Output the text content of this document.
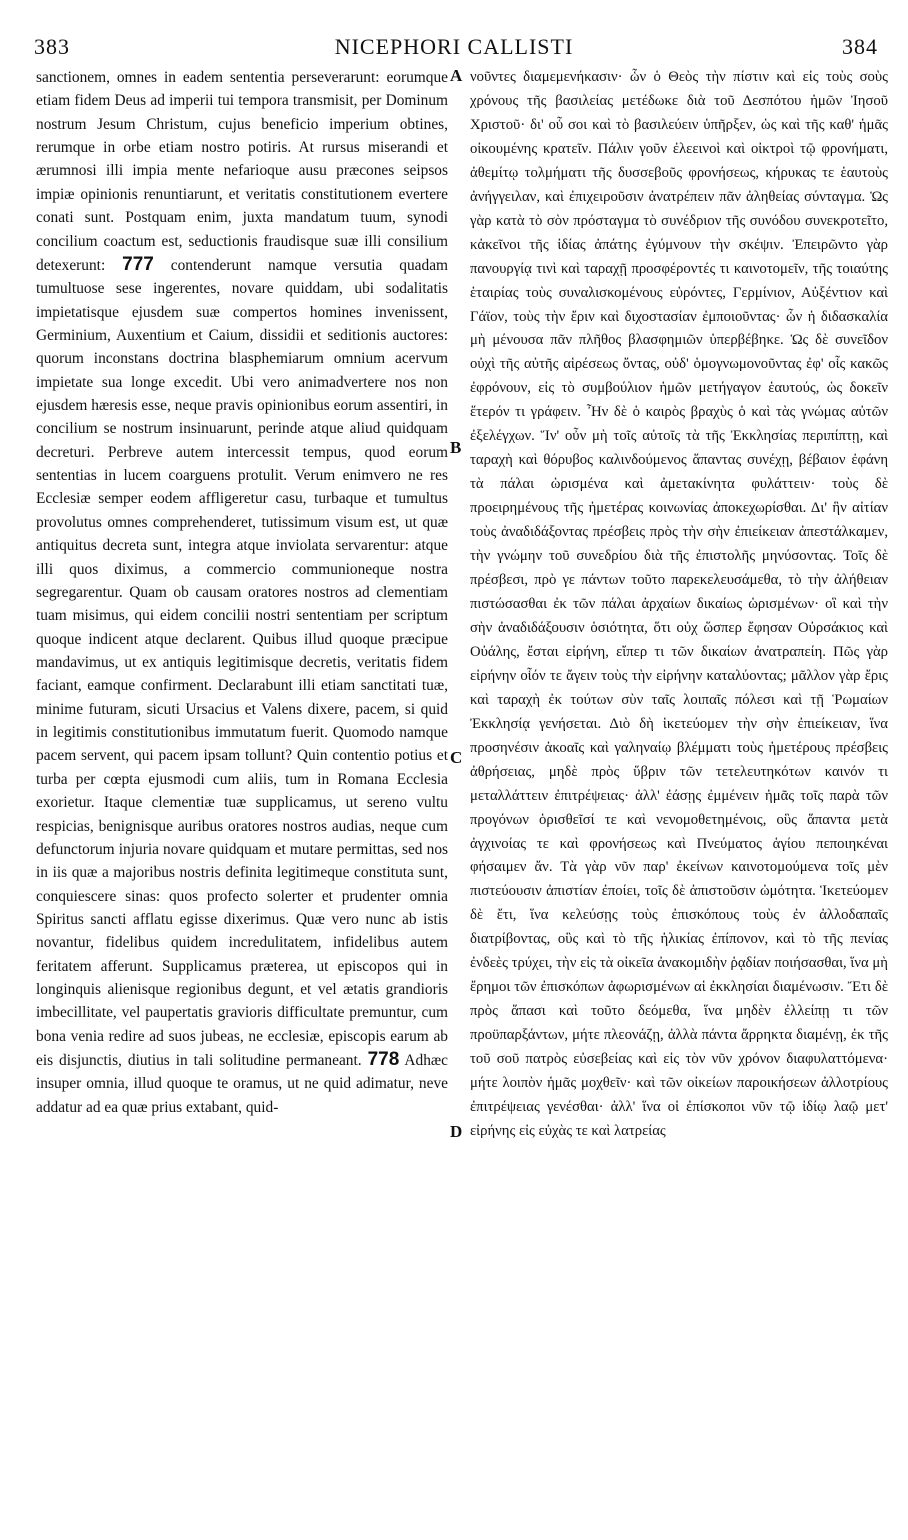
383	NICEPHORI CALLISTI	384

sanctionem, omnes in eadem sententia perseverarunt: eorumque etiam fidem Deus ad imperii tui tempora transmisit, per Dominum nostrum Jesum Christum, cujus beneficio imperium obtines, rerumque in orbe etiam nostro potiris. At rursus miserandi et ærumnosi illi impia mente nefarioque ausu præcones seipsos impiæ opinionis renuntiarunt, et veritatis constitutionem evertere conati sunt. Postquam enim, juxta mandatum tuum, synodi concilium coactum est, seductionis fraudisque suæ illi consilium detexerunt: 777 contenderunt namque versutia quadam tumultuose sese ingerentes, novare quiddam, ubi sodalitatis impietatisque ejusdem suæ compertos homines invenissent, Germinium, Auxentium et Caium, dissidii et seditionis auctores: quorum inconstans doctrina blasphemiarum omnium acervum impietate sua longe excedit. Ubi vero animadvertere nos non ejusdem hæresis esse, neque pravis opinionibus eorum assentiri, in concilium se nostrum insinuarunt, perinde atque aliud quidquam decreturi. Perbreve autem intercessit tempus, quod eorum sententias in lucem coarguens protulit. Verum enimvero ne res Ecclesiæ semper eodem affligeretur casu, turbaque et tumultus provolutus omnes comprehenderet, tutissimum visum est, ut quæ antiquitus decreta sunt, integra atque inviolata servarentur: atque illi quos diximus, a commercio communioneque nostra segregarentur. Quam ob causam oratores nostros ad clementiam tuam misimus, qui eidem concilii nostri sententiam per scriptum quoque indicent atque declarent. Quibus illud quoque præcipue mandavimus, ut ex antiquis legitimisque decretis, veritatis fidem faciant, eamque confirment. Declarabunt illi etiam sanctitati tuæ, minime futuram, sicuti Ursacius et Valens dixere, pacem, si quid in legitimis constitutionibus immutatum fuerit. Quomodo namque pacem servent, qui pacem ipsam tollunt? Quin contentio potius et turba per cœpta ejusmodi cum aliis, tum in Romana Ecclesia exorietur. Itaque clementiæ tuæ supplicamus, ut sereno vultu respicias, benignisque auribus oratores nostros audias, neque cum defunctorum injuria novare quidquam et mutare permittas, sed nos in iis quæ a majoribus nostris definita legitimeque constituta sunt, conquiescere sinas: quos profecto solerter et prudenter omnia Spiritus sancti afflatu egisse dixerimus. Quæ vero nunc ab istis novantur, fidelibus quidem incredulitatem, infidelibus autem feritatem afferunt. Supplicamus præterea, ut episcopos qui in longinquis alienisque regionibus degunt, et vel ætatis grandioris imbecillitate, vel paupertatis gravioris difficultate premuntur, cum bona venia redire ad suos jubeas, ne ecclesiæ, episcopis earum ab eis disjunctis, diutius in tali solitudine permaneant. 778 Adhæc insuper omnia, illud quoque te oramus, ut ne quid adimatur, neve addatur ad ea quæ prius extabant, quid-

A
B
C
D

νοῦντες διαμεμενήκασιν· ὧν ὁ Θεὸς τὴν πίστιν καὶ εἰς τοὺς σοὺς χρόνους τῆς βασιλείας μετέδωκε διὰ τοῦ Δεσπότου ἡμῶν Ἰησοῦ Χριστοῦ· δι' οὗ σοι καὶ τὸ βασιλεύειν ὑπῆρξεν, ὡς καὶ τῆς καθ' ἡμᾶς οἰκουμένης κρατεῖν. Πάλιν γοῦν ἐλεεινοὶ καὶ οἰκτροὶ τῷ φρονήματι, ἀθεμίτῳ τολμήματι τῆς δυσσεβοῦς φρονήσεως, κήρυκας τε ἑαυτοὺς ἀνήγγειλαν, καὶ ἐπιχειροῦσιν ἀνατρέπειν πᾶν ἀληθείας σύνταγμα. Ὡς γὰρ κατὰ τὸ σὸν πρόσταγμα τὸ συνέδριον τῆς συνόδου συνεκροτεῖτο, κἀκεῖνοι τῆς ἰδίας ἀπάτης ἐγύμνουν τὴν σκέψιν. Ἐπειρῶντο γὰρ πανουργίᾳ τινὶ καὶ ταραχῇ προσφέροντές τι καινοτομεῖν, τῆς τοιαύτης ἑταιρίας τοὺς συναλισκομένους εὑρόντες, Γερμίνιον, Αὐξέντιον καὶ Γάϊον, τοὺς τὴν ἔριν καὶ διχοστασίαν ἐμποιοῦντας· ὧν ἡ διδασκαλία μὴ μένουσα πᾶν πλῆθος βλασφημιῶν ὑπερβέβηκε. Ὡς δὲ συνεῖδον οὐχὶ τῆς αὐτῆς αἱρέσεως ὄντας, οὐδ' ὁμογνωμονοῦντας ἐφ' οἷς κακῶς ἐφρόνουν, εἰς τὸ συμβούλιον ἡμῶν μετήγαγον ἑαυτούς, ὡς δοκεῖν ἕτερόν τι γράφειν. Ἦν δὲ ὁ καιρὸς βραχὺς ὁ καὶ τὰς γνώμας αὐτῶν ἐξελέγχων. Ἵν' οὖν μὴ τοῖς αὐτοῖς τὰ τῆς Ἐκκλησίας περιπίπτῃ, καὶ ταραχὴ καὶ θόρυβος καλινδούμενος ἅπαντας συνέχῃ, βέβαιον ἐφάνη τὰ πάλαι ὡρισμένα καὶ ἀμετακίνητα φυλάττειν· τοὺς δὲ προειρημένους τῆς ἡμετέρας κοινωνίας ἀποκεχωρίσθαι. Δι' ἣν αἰτίαν τοὺς ἀναδιδάξοντας πρέσβεις πρὸς τὴν σὴν ἐπιείκειαν ἀπεστάλκαμεν, τὴν γνώμην τοῦ συνεδρίου διὰ τῆς ἐπιστολῆς μηνύσοντας. Τοῖς δὲ πρέσβεσι, πρὸ γε πάντων τοῦτο παρεκελευσάμεθα, τὸ τὴν ἀλήθειαν πιστώσασθαι ἐκ τῶν πάλαι ἀρχαίων δικαίως ὡρισμένων· οἳ καὶ τὴν σὴν ἀναδιδάξουσιν ὁσιότητα, ὅτι οὐχ ὥσπερ ἔφησαν Οὐρσάκιος καὶ Οὐάλης, ἔσται εἰρήνη, εἴπερ τι τῶν δικαίων ἀνατραπείη. Πῶς γὰρ εἰρήνην οἷόν τε ἄγειν τοὺς τὴν εἰρήνην καταλύοντας; μᾶλλον γὰρ ἔρις καὶ ταραχὴ ἐκ τούτων σὺν ταῖς λοιπαῖς πόλεσι καὶ τῇ Ῥωμαίων Ἐκκλησίᾳ γενήσεται. Διὸ δὴ ἱκετεύομεν τὴν σὴν ἐπιείκειαν, ἵνα προσηνέσιν ἀκοαῖς καὶ γαληναίῳ βλέμματι τοὺς ἡμετέρους πρέσβεις ἀθρήσειας, μηδὲ πρὸς ὕβριν τῶν τετελευτηκότων καινόν τι μεταλλάττειν ἐπιτρέψειας· ἀλλ' ἐάσῃς ἐμμένειν ἡμᾶς τοῖς παρὰ τῶν προγόνων ὁρισθεῖσί τε καὶ νενομοθετημένοις, οὓς ἅπαντα μετὰ ἀγχινοίας τε καὶ φρονήσεως καὶ Πνεύματος ἁγίου πεποιηκέναι φήσαιμεν ἄν. Τὰ γὰρ νῦν παρ' ἐκείνων καινοτομούμενα τοῖς μὲν πιστεύουσιν ἀπιστίαν ἐποίει, τοῖς δὲ ἀπιστοῦσιν ὠμότητα. Ἱκετεύομεν δὲ ἔτι, ἵνα κελεύσῃς τοὺς ἐπισκόπους τοὺς ἐν ἀλλοδαπαῖς διατρίβοντας, οὓς καὶ τὸ τῆς ἡλικίας ἐπίπονον, καὶ τὸ τῆς πενίας ἐνδεὲς τρύχει, τὴν εἰς τὰ οἰκεῖα ἀνακομιδὴν ῥᾳδίαν ποιήσασθαι, ἵνα μὴ ἔρημοι τῶν ἐπισκόπων ἀφωρισμένων αἱ ἐκκλησίαι διαμένωσιν. Ἔτι δὲ πρὸς ἅπασι καὶ τοῦτο δεόμεθα, ἵνα μηδὲν ἐλλείπῃ τι τῶν προϋπαρξάντων, μήτε πλεονάζῃ, ἀλλὰ πάντα ἄρρηκτα διαμένῃ, ἐκ τῆς τοῦ σοῦ πατρὸς εὐσεβείας καὶ εἰς τὸν νῦν χρόνον διαφυλαττόμενα· μήτε λοιπὸν ἡμᾶς μοχθεῖν· καὶ τῶν οἰκείων παροικήσεων ἀλλοτρίους ἐπιτρέψειας γενέσθαι· ἀλλ' ἵνα οἱ ἐπίσκοποι νῦν τῷ ἰδίῳ λαῷ μετ' εἰρήνης εἰς εὐχὰς τε καὶ λατρείας
